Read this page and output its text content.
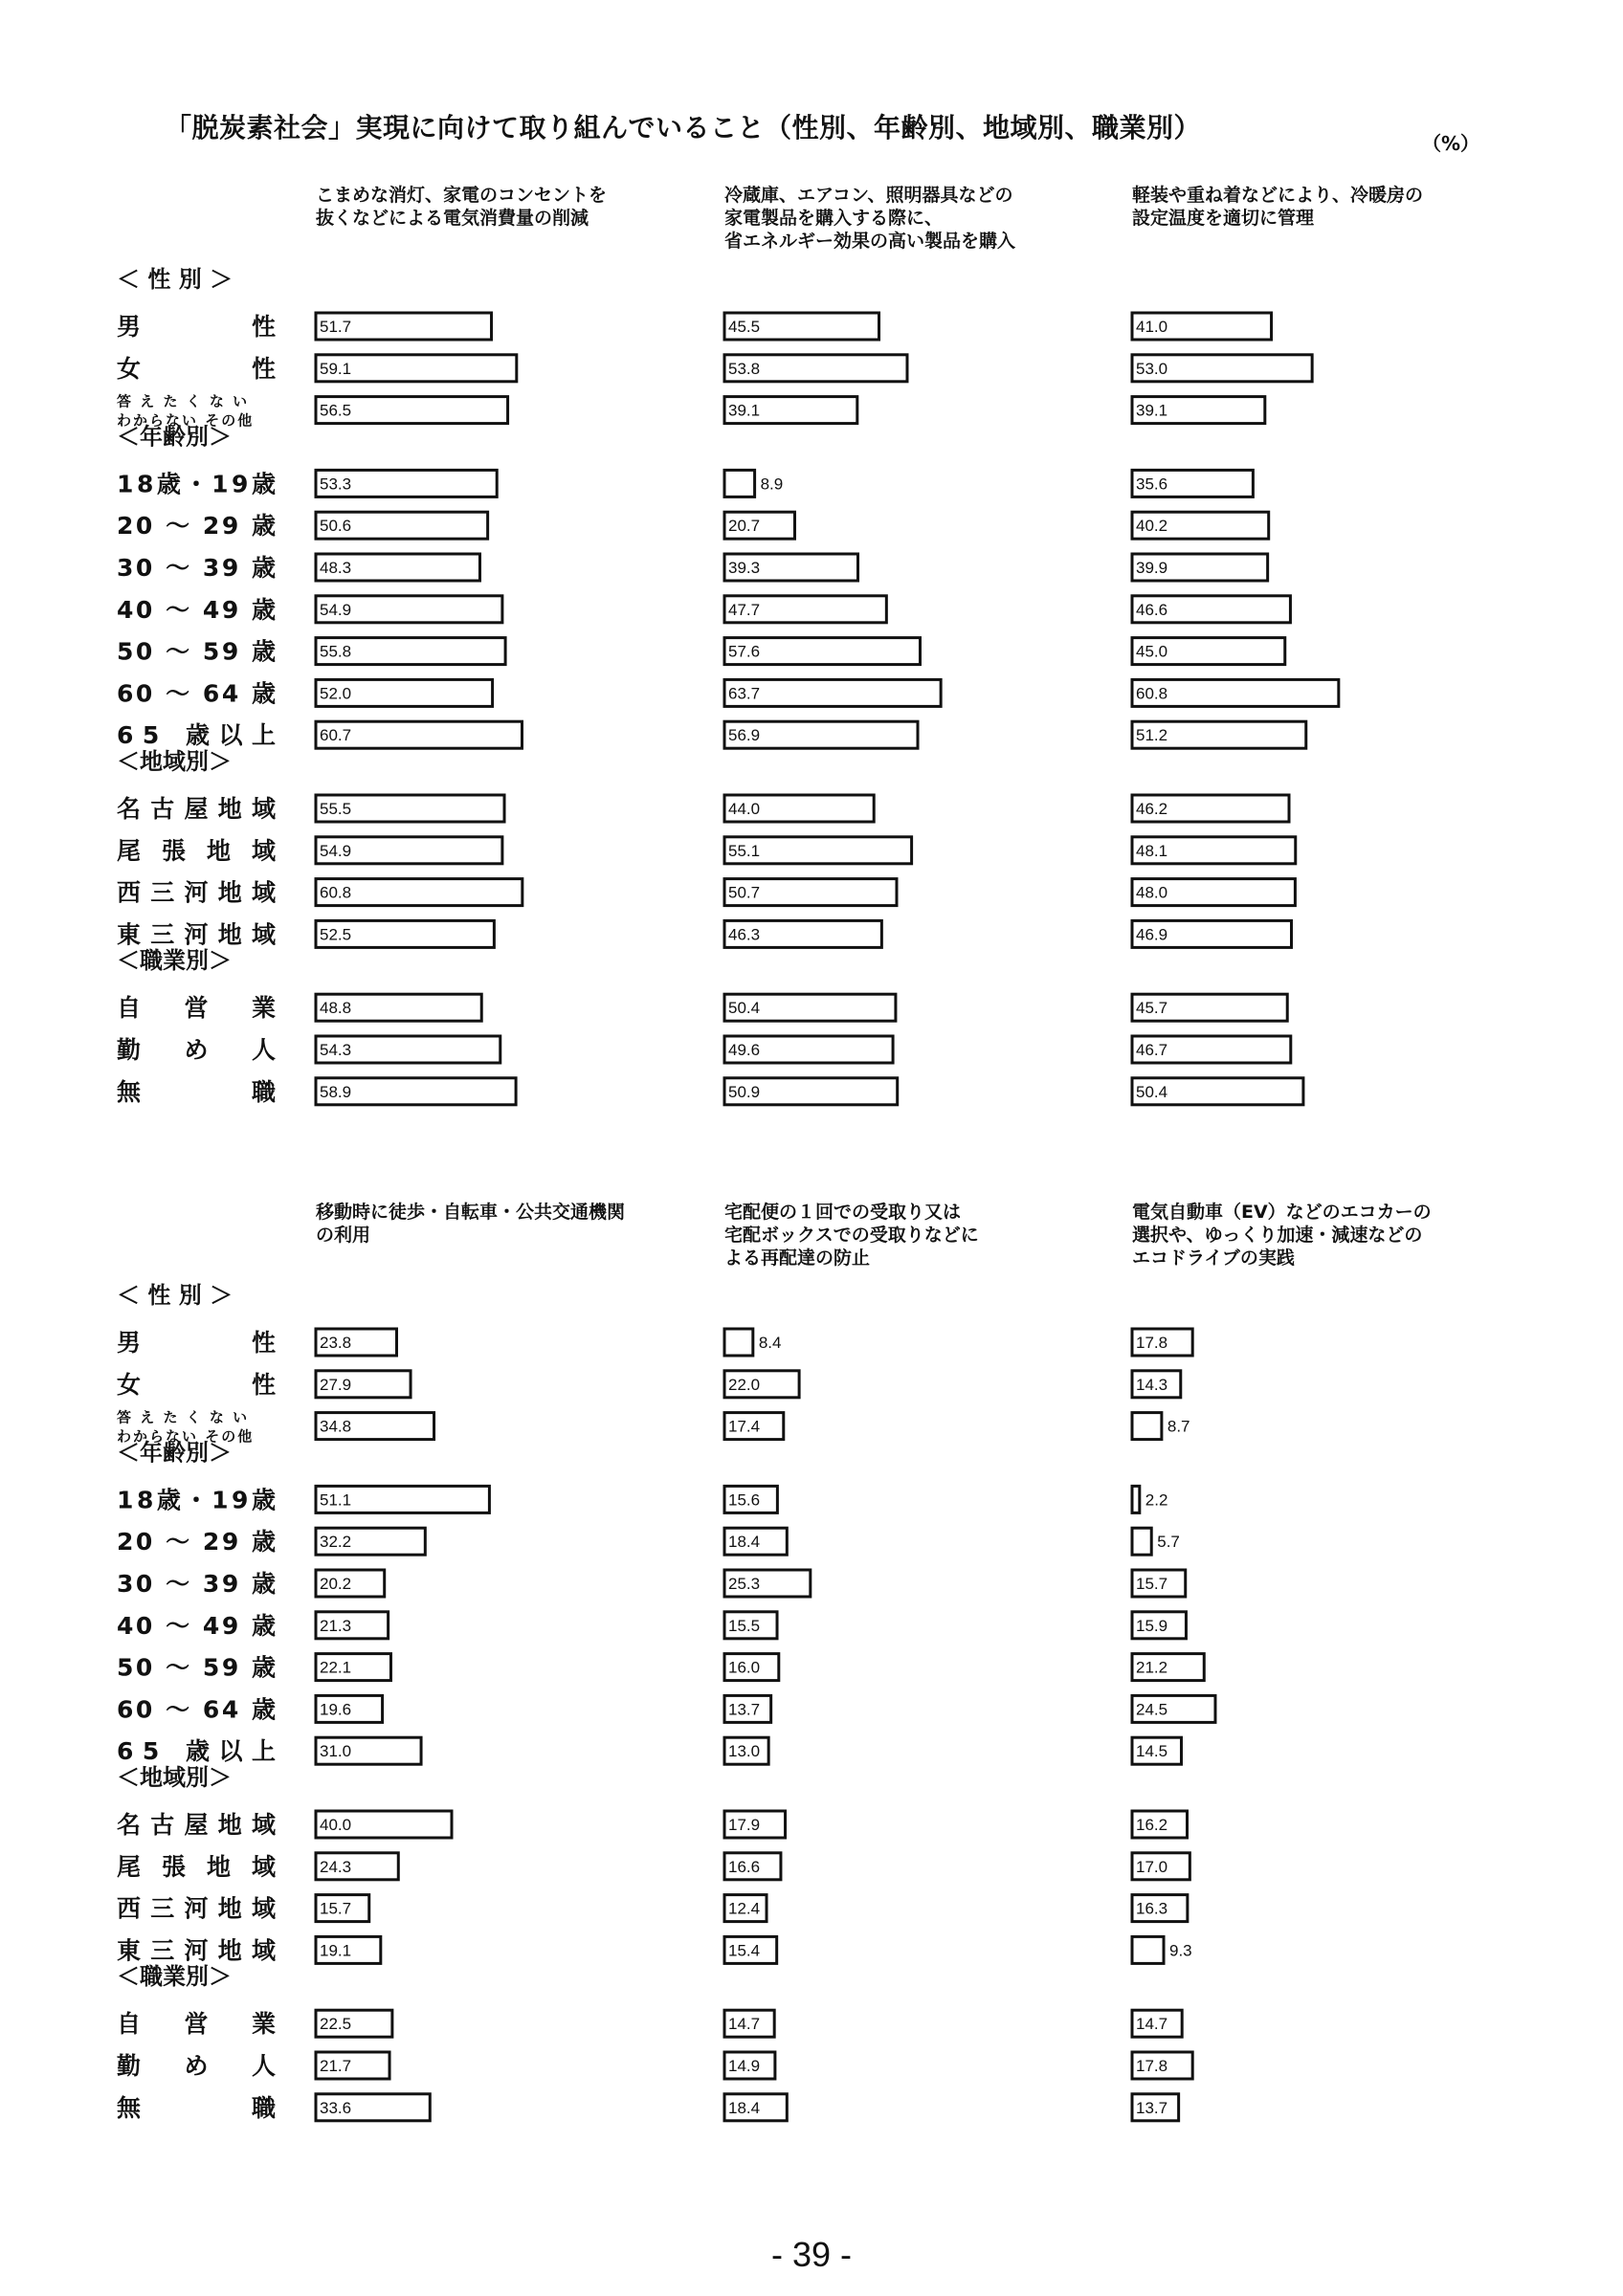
「脱炭素社会」実現に向けて取り組んでいること（性別、年齢別、地域別、職業別）	（%）
こまめな消灯、家電のコンセントを
抜くなどによる電気消費量の削減
冷蔵庫、エアコン、照明器具などの
家電製品を購入する際に、
省エネルギー効果の高い製品を購入
軽装や重ね着などにより、冷暖房の
設定温度を適切に管理
＜ 性 別 ＞
男 性 51.7	45.5	41.0
女 性 59.1	53.8	53.0
答 え た く な い
わからない その他
56.5	39.1	39.1
＜年齢別＞
18歳・19歳 53.3	8.9	35.6
20 ～ 29 歳 50.6	20.7	40.2
30 ～ 39 歳 48.3	39.3	39.9
40 ～ 49 歳 54.9	47.7	46.6
50 ～ 59 歳 55.8	57.6	45.0
60 ～ 64 歳 52.0	63.7	60.8
65 歳以上 60.7	56.9	51.2
＜地域別＞
名古屋地域 55.5	44.0	46.2
尾張地域 54.9	55.1	48.1
西三河地域 60.8	50.7	48.0
東三河地域 52.5	46.3	46.9
＜職業別＞
自営業 48.8	50.4	45.7
勤め人 54.3	49.6	46.7
無職 58.9	50.9	50.4
移動時に徒歩・自転車・公共交通機関
の利用
宅配便の１回での受取り又は
宅配ボックスでの受取りなどに
よる再配達の防止
電気自動車（EV）などのエコカーの
選択や、ゆっくり加速・減速などの
エコドライブの実践
＜ 性 別 ＞
男 性 23.8	8.4	17.8
女 性 27.9	22.0	14.3
答 え た く な い
わからない その他
34.8	17.4	8.7
＜年齢別＞
18歳・19歳 51.1	15.6	2.2
20 ～ 29 歳 32.2	18.4	5.7
30 ～ 39 歳 20.2	25.3	15.7
40 ～ 49 歳 21.3	15.5	15.9
50 ～ 59 歳 22.1	16.0	21.2
60 ～ 64 歳 19.6	13.7	24.5
65 歳以上 31.0	13.0	14.5
＜地域別＞
名古屋地域 40.0	17.9	16.2
尾張地域 24.3	16.6	17.0
西三河地域 15.7	12.4	16.3
東三河地域 19.1	15.4	9.3
＜職業別＞
自営業 22.5	14.7	14.7
勤め人 21.7	14.9	17.8
無職 33.6	18.4	13.7
- 39 -
